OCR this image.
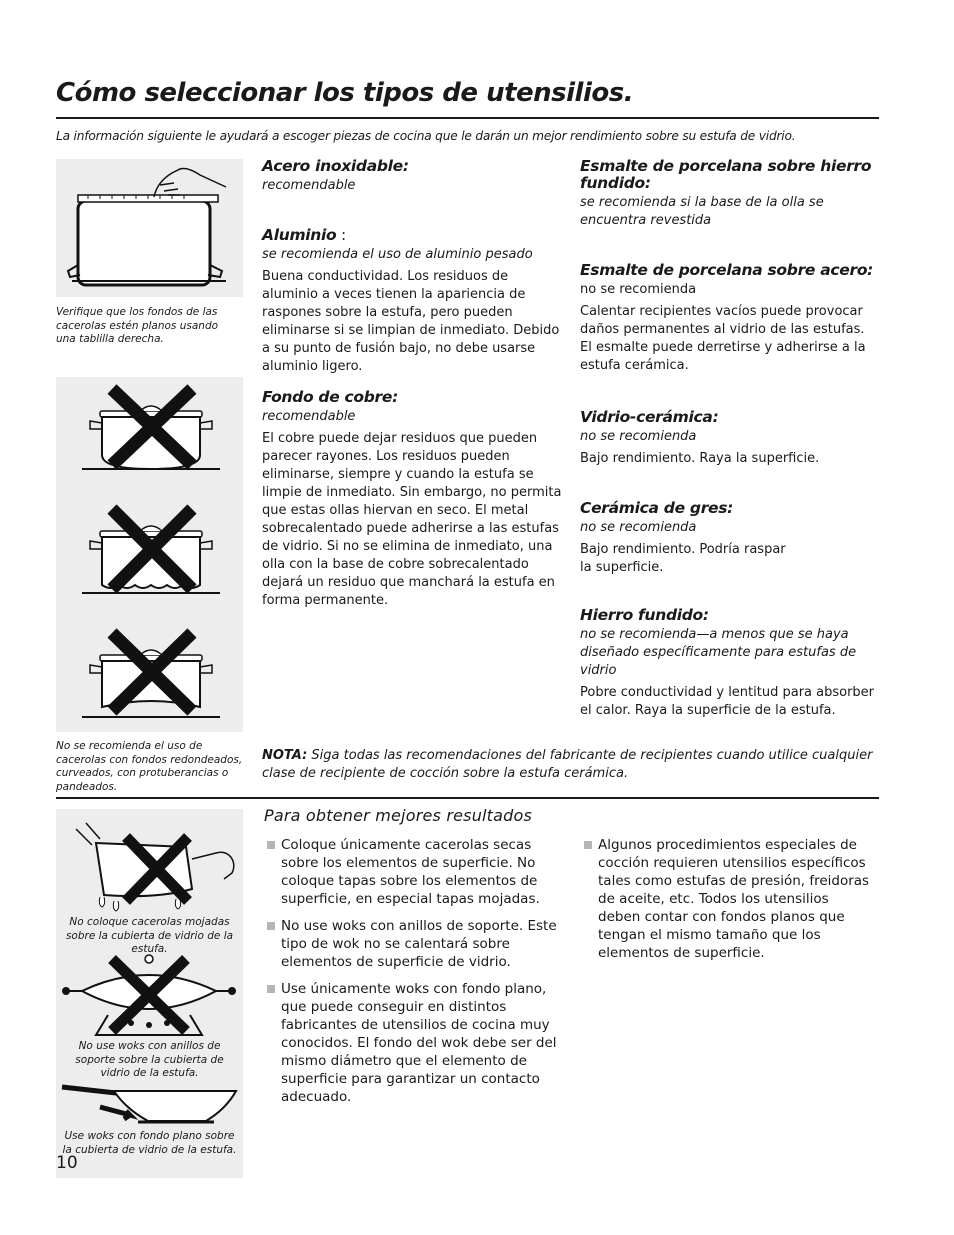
Cómo seleccionar los tipos de utensilios.
La información siguiente le ayudará a escoger piezas de cocina que le darán un mejor rendimiento sobre su estufa de vidrio.
Verifique que los fondos de las cacerolas estén planos usando una tablilla derecha.
No se recomienda el uso de cacerolas con fondos redondeados, curveados, con protuberancias o pandeados.
Acero inoxidable:
recomendable
Aluminio :
se recomienda el uso de aluminio pesado
Buena conductividad. Los residuos de aluminio a veces tienen la apariencia de raspones sobre la estufa, pero pueden eliminarse si se limpian de inmediato. Debido a su punto de fusión bajo, no debe usarse aluminio ligero.
Fondo de cobre:
recomendable
El cobre puede dejar residuos que pueden parecer rayones. Los residuos pueden eliminarse, siempre y cuando la estufa se limpie de inmediato. Sin embargo, no permita que estas ollas hiervan en seco. El metal sobrecalentado puede adherirse a las estufas de vidrio. Si no se elimina de inmediato, una olla con la base de cobre sobrecalentado dejará un residuo que manchará la estufa en forma permanente.
Esmalte de porcelana sobre hierro fundido:
se recomienda si la base de la olla se encuentra revestida
Esmalte de porcelana sobre acero:
no se recomienda
Calentar recipientes vacíos puede provocar daños permanentes al vidrio de las estufas. El esmalte puede derretirse y adherirse a la estufa cerámica.
Vidrio-cerámica:
no se recomienda
Bajo rendimiento. Raya la superficie.
Cerámica de gres:
no se recomienda
Bajo rendimiento. Podría raspar la superficie.
Hierro fundido:
no se recomienda—a menos que se haya diseñado específicamente para estufas de vidrio
Pobre conductividad y lentitud para absorber el calor. Raya la superficie de la estufa.
NOTA: Siga todas las recomendaciones del fabricante de recipientes cuando utilice cualquier clase de recipiente de cocción sobre la estufa cerámica.
No coloque cacerolas mojadas sobre la cubierta de vidrio de la estufa.
No use woks con anillos de soporte sobre la cubierta de vidrio de la estufa.
Use woks con fondo plano sobre la cubierta de vidrio de la estufa.
Para obtener mejores resultados
Coloque únicamente cacerolas secas sobre los elementos de superficie. No coloque tapas sobre los elementos de superficie, en especial tapas mojadas.
No use woks con anillos de soporte. Este tipo de wok no se calentará sobre elementos de superficie de vidrio.
Use únicamente woks con fondo plano, que puede conseguir en distintos fabricantes de utensilios de cocina muy conocidos. El fondo del wok debe ser del mismo diámetro que el elemento de superficie para garantizar un contacto adecuado.
Algunos procedimientos especiales de cocción requieren utensilios específicos tales como estufas de presión, freidoras de aceite, etc. Todos los utensilios deben contar con fondos planos que tengan el mismo tamaño que los elementos de superficie.
10
